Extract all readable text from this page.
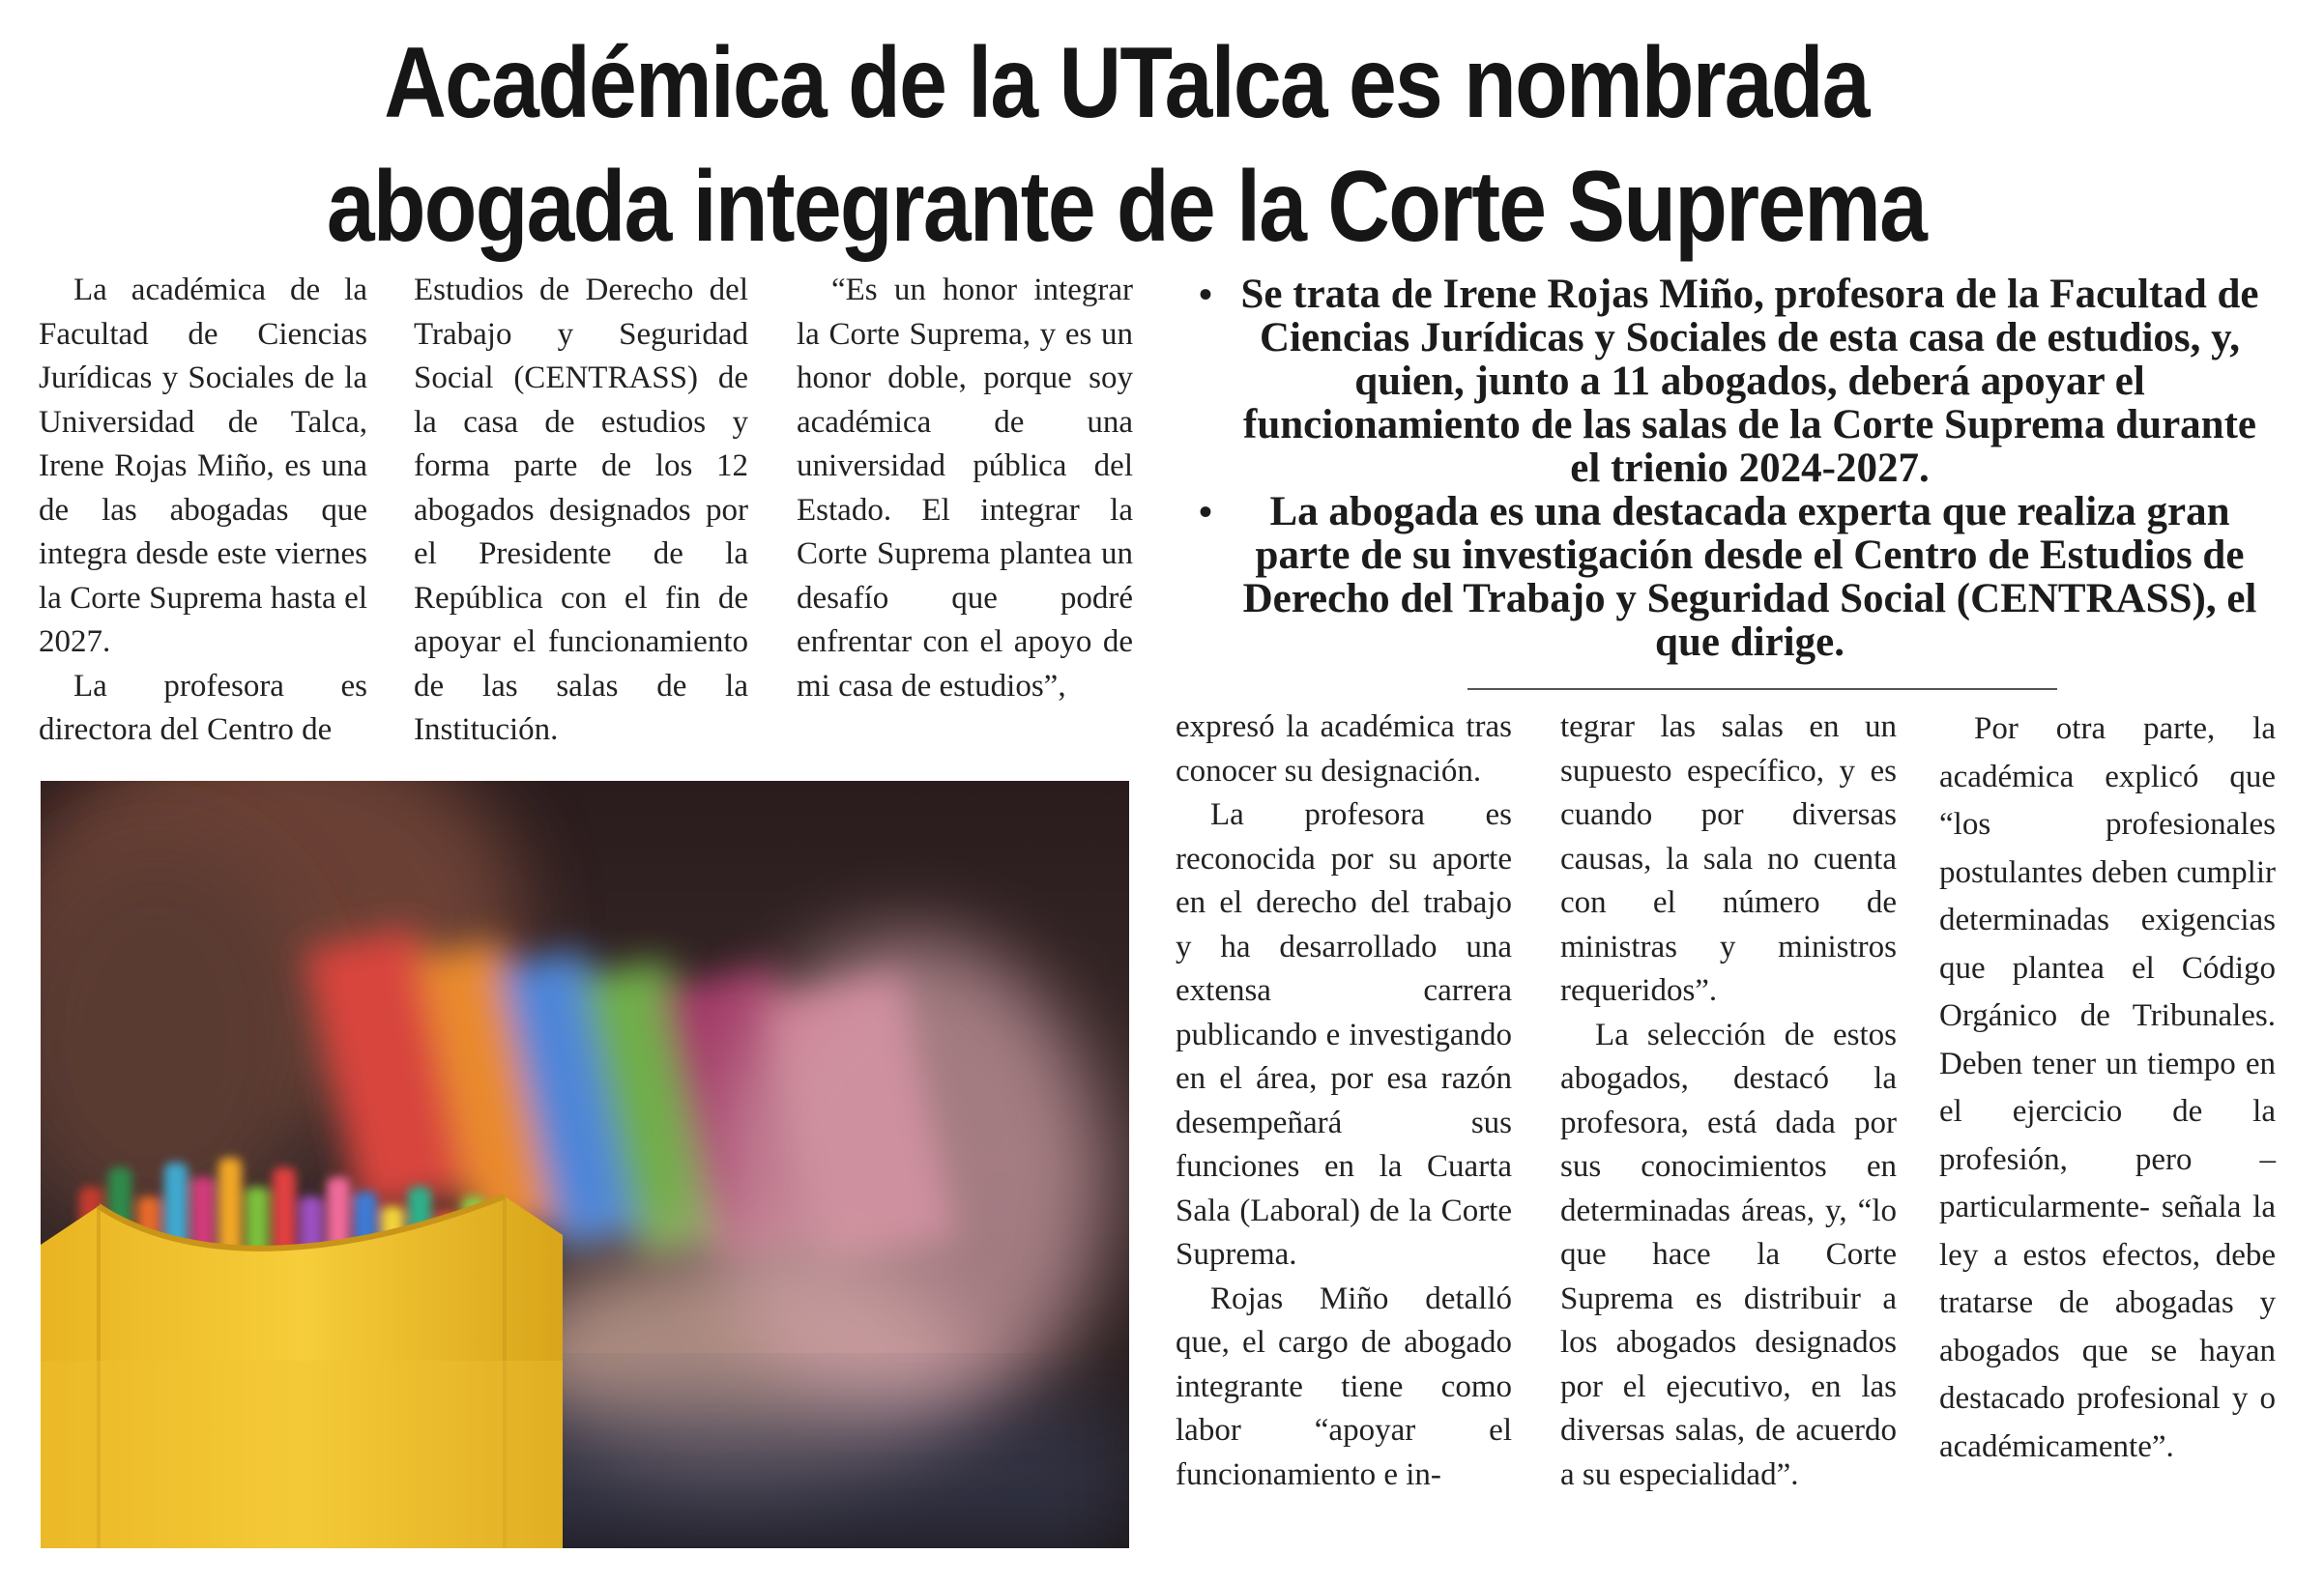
Académica de la UTalca es nombrada
abogada integrante de la Corte Suprema

La académica de la Facultad de Ciencias Jurídicas y Sociales de la Universidad de Talca, Irene Rojas Miño, es una de las abogadas que integra desde este viernes la Corte Suprema hasta el 2027.

La profesora es directora del Centro de

Estudios de Derecho del Trabajo y Seguridad Social (CENTRASS) de la casa de estudios y forma parte de los 12 abogados designados por el Presidente de la República con el fin de apoyar el funcionamiento de las salas de la Institución.

“Es un honor integrar la Corte Suprema, y es un honor doble, porque soy académica de una universidad pública del Estado. El integrar la Corte Suprema plantea un desafío que podré enfrentar con el apoyo de mi casa de estudios”,

• Se trata de Irene Rojas Miño, profesora de la Facultad de Ciencias Jurídicas y Sociales de esta casa de estudios, y, quien, junto a 11 abogados, deberá apoyar el funcionamiento de las salas de la Corte Suprema durante el trienio 2024-2027.
• La abogada es una destacada experta que realiza gran parte de su investigación desde el Centro de Estudios de Derecho del Trabajo y Seguridad Social (CENTRASS), el que dirige.

expresó la académica tras conocer su designación.

La profesora es reconocida por su aporte en el derecho del trabajo y ha desarrollado una extensa carrera publicando e investigando en el área, por esa razón desempeñará sus funciones en la Cuarta Sala (Laboral) de la Corte Suprema.

Rojas Miño detalló que, el cargo de abogado integrante tiene como labor “apoyar el funcionamiento e in-

tegrar las salas en un supuesto específico, y es cuando por diversas causas, la sala no cuenta con el número de ministras y ministros requeridos”.

La selección de estos abogados, destacó la profesora, está dada por sus conocimientos en determinadas áreas, y, “lo que hace la Corte Suprema es distribuir a los abogados designados por el ejecutivo, en las diversas salas, de acuerdo a su especialidad”.

Por otra parte, la académica explicó que “los profesionales postulantes deben cumplir determinadas exigencias que plantea el Código Orgánico de Tribunales. Deben tener un tiempo en el ejercicio de la profesión, pero –particularmente- señala la ley a estos efectos, debe tratarse de abogadas y abogados que se hayan destacado profesional y o académicamente”.
